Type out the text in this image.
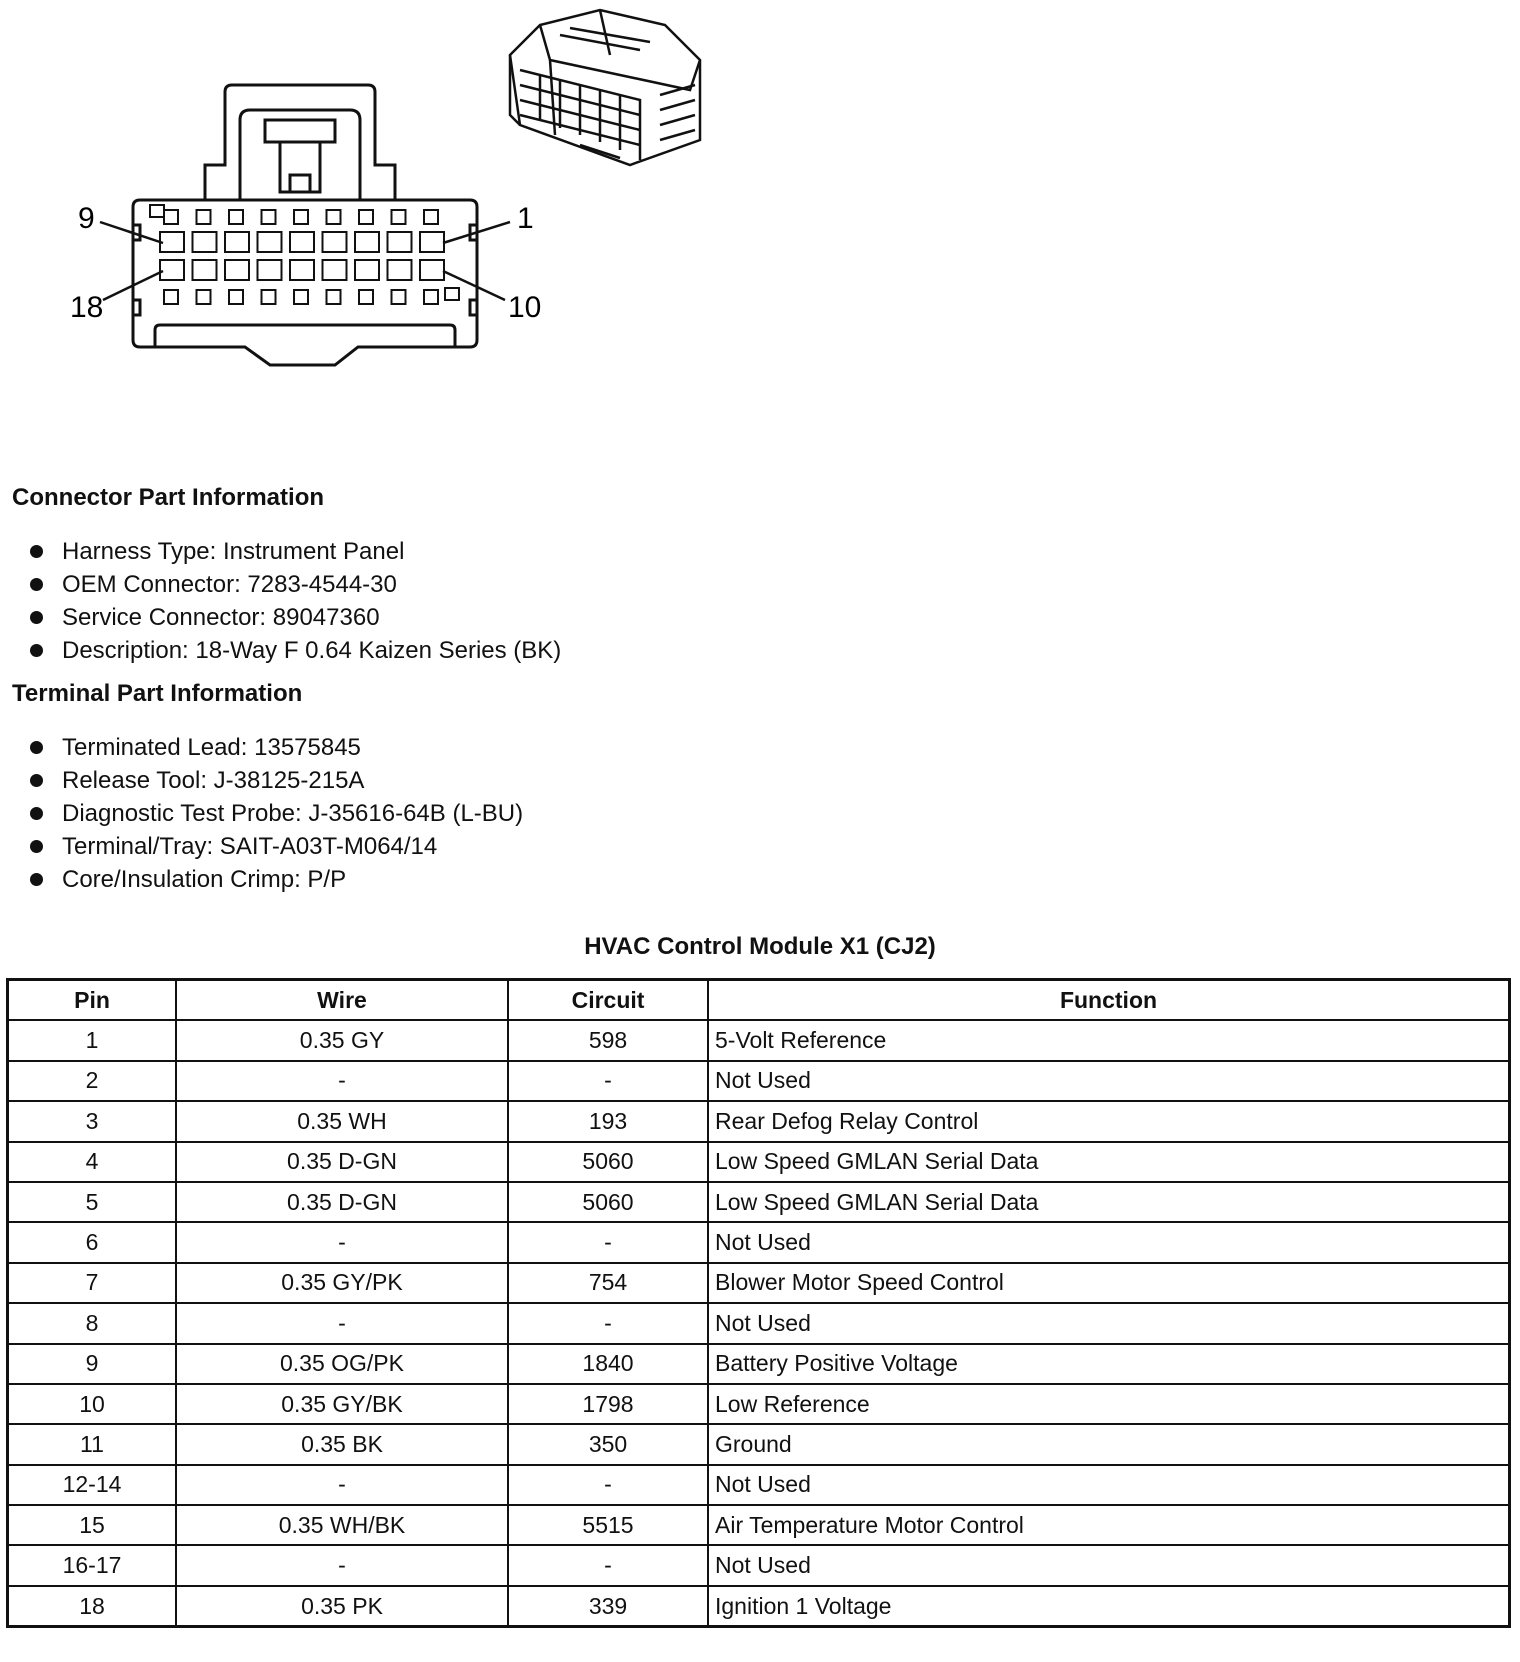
9	1
18	10
Connector Part Information
Harness Type: Instrument Panel
OEM Connector: 7283-4544-30
Service Connector: 89047360
Description: 18-Way F 0.64 Kaizen Series (BK)
Terminal Part Information
Terminated Lead: 13575845
Release Tool: J-38125-215A
Diagnostic Test Probe: J-35616-64B (L-BU)
Terminal/Tray: SAIT-A03T-M064/14
Core/Insulation Crimp: P/P
HVAC Control Module X1 (CJ2)
Pin	Wire	Circuit	Function
1	0.35 GY	598	5-Volt Reference
2	-	-	Not Used
3	0.35 WH	193	Rear Defog Relay Control
4	0.35 D-GN	5060	Low Speed GMLAN Serial Data
5	0.35 D-GN	5060	Low Speed GMLAN Serial Data
6	-	-	Not Used
7	0.35 GY/PK	754	Blower Motor Speed Control
8	-	-	Not Used
9	0.35 OG/PK	1840	Battery Positive Voltage
10	0.35 GY/BK	1798	Low Reference
11	0.35 BK	350	Ground
12-14	-	-	Not Used
15	0.35 WH/BK	5515	Air Temperature Motor Control
16-17	-	-	Not Used
18	0.35 PK	339	Ignition 1 Voltage
